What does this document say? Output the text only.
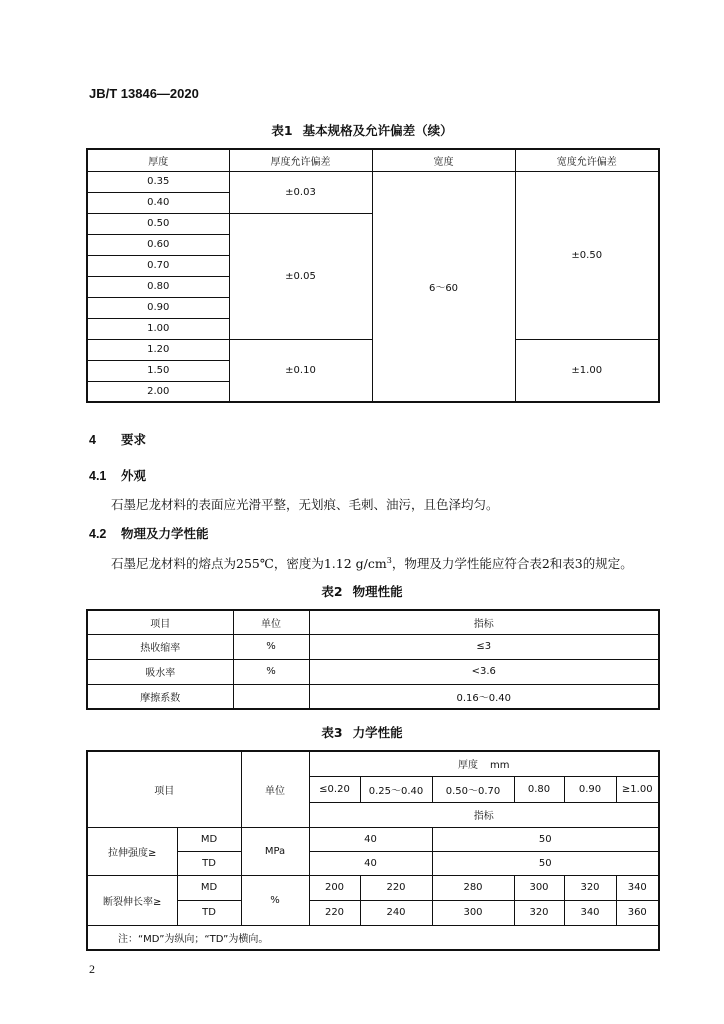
JB/T 13846—2020
表1 基本规格及允许偏差（续）
厚度	厚度允许偏差	宽度	宽度允许偏差
0.35	±0.03	6～60	±0.50
0.40			
0.50	±0.05		
0.60			
0.70			
0.80			
0.90			
1.00			
1.20	±0.10		±1.00
1.50			
2.00			
4 要求
4.1 外观
石墨尼龙材料的表面应光滑平整，无划痕、毛刺、油污，且色泽均匀。
4.2 物理及力学性能
石墨尼龙材料的熔点为255℃，密度为1.12 $g/cm^3$，物理及力学性能应符合表2和表3的规定。
表2 物理性能
项目	单位	指标
热收缩率	%	≤3
吸水率	%	<3.6
摩擦系数		0.16～0.40
表3 力学性能
项目		单位	厚度 mm					
			≤0.20	0.25～0.40	0.50～0.70	0.80	0.90	≥1.00
			指标					
拉伸强度≥	MD	MPa	40		50			
	TD		40		50			
断裂伸长率≥	MD	%	200	220	280	300	320	340
	TD		220	240	300	320	340	360
注：“MD”为纵向；“TD”为横向。								
2
